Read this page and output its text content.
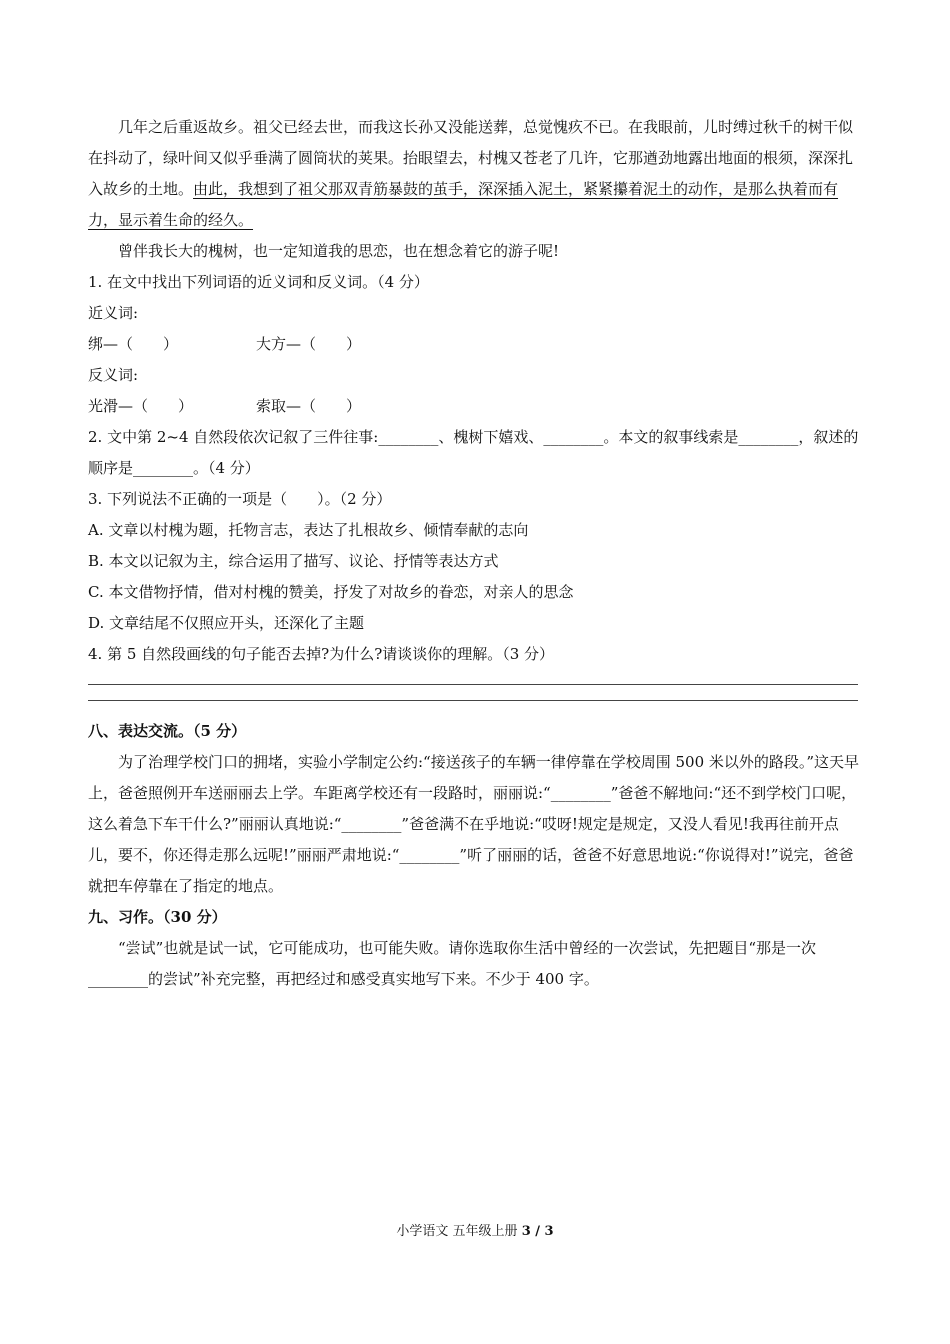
几年之后重返故乡。祖父已经去世，而我这长孙又没能送葬，总觉愧疚不已。在我眼前，儿时缚过秋千的树干似在抖动了，绿叶间又似乎垂满了圆筒状的荚果。抬眼望去，村槐又苍老了几许，它那遒劲地露出地面的根须，深深扎入故乡的土地。由此，我想到了祖父那双青筋暴鼓的茧手，深深插入泥土，紧紧攥着泥土的动作，是那么执着而有力，显示着生命的经久。

曾伴我长大的槐树，也一定知道我的思恋，也在想念着它的游子呢!

1. 在文中找出下列词语的近义词和反义词。（4 分）

近义词:

绑—（　　）	大方—（　　）

反义词:

光滑—（　　）	索取—（　　）

2. 文中第 2~4 自然段依次记叙了三件往事:________、槐树下嬉戏、________。本文的叙事线索是________，叙述的顺序是________。（4 分）

3. 下列说法不正确的一项是（　　）。（2 分）

A. 文章以村槐为题，托物言志，表达了扎根故乡、倾情奉献的志向

B. 本文以记叙为主，综合运用了描写、议论、抒情等表达方式

C. 本文借物抒情，借对村槐的赞美，抒发了对故乡的眷恋，对亲人的思念

D. 文章结尾不仅照应开头，还深化了主题

4. 第 5 自然段画线的句子能否去掉?为什么?请谈谈你的理解。（3 分）

八、表达交流。（5 分）

为了治理学校门口的拥堵，实验小学制定公约:“接送孩子的车辆一律停靠在学校周围 500 米以外的路段。”这天早上，爸爸照例开车送丽丽去上学。车距离学校还有一段路时，丽丽说:“________”爸爸不解地问:“还不到学校门口呢，这么着急下车干什么?”丽丽认真地说:“________”爸爸满不在乎地说:“哎呀!规定是规定，又没人看见!我再往前开点儿，要不，你还得走那么远呢!”丽丽严肃地说:“________”听了丽丽的话，爸爸不好意思地说:“你说得对!”说完，爸爸就把车停靠在了指定的地点。

九、习作。（30 分）

“尝试”也就是试一试，它可能成功，也可能失败。请你选取你生活中曾经的一次尝试，先把题目“那是一次________的尝试”补充完整，再把经过和感受真实地写下来。不少于 400 字。

小学语文 五年级上册 3 / 3
